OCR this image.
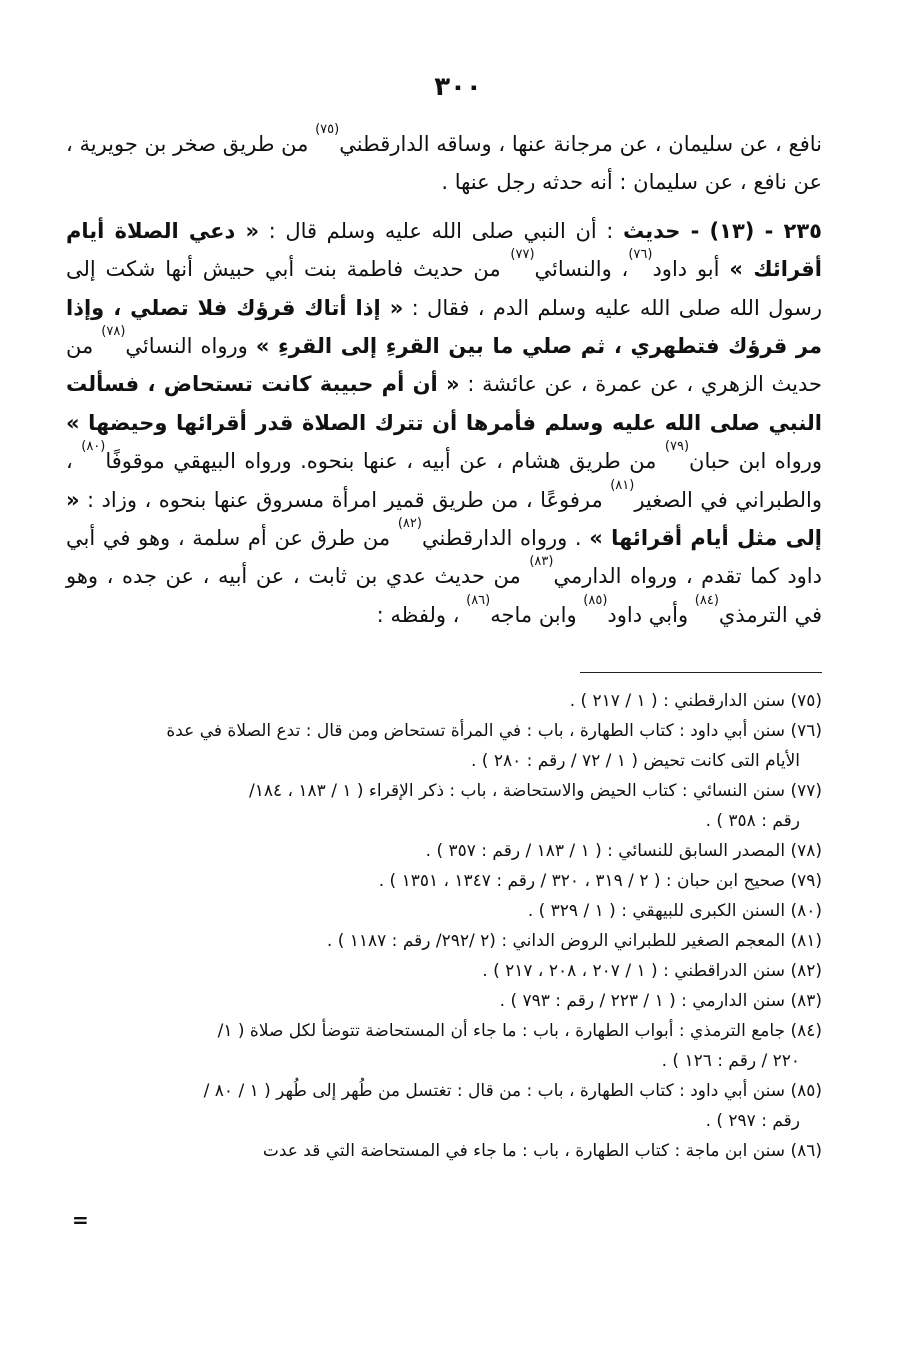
٣٠٠

نافع ، عن سليمان ، عن مرجانة عنها ، وساقه الدارقطني$^{(٧٥)}$ من طريق صخر بن جويرية ، عن نافع ، عن سليمان : أنه حدثه رجل عنها .

٢٣٥ - (١٣) - حديث : أن النبي صلى الله عليه وسلم قال : « دعي الصلاة أيام أقرائك » أبو داود$^{(٧٦)}$، والنسائي$^{(٧٧)}$ من حديث فاطمة بنت أبي حبيش أنها شكت إلى رسول الله صلى الله عليه وسلم الدم ، فقال : « إذا أتاك قرؤك فلا تصلي ، وإذا مر قرؤك فتطهري ، ثم صلي ما بين القرءِ إلى القرءِ » ورواه النسائي$^{(٧٨)}$ من حديث الزهري ، عن عمرة ، عن عائشة : « أن أم حبيبة كانت تستحاض ، فسألت النبي صلى الله عليه وسلم فأمرها أن تترك الصلاة قدر أقرائها وحيضها » ورواه ابن حبان$^{(٧٩)}$ من طريق هشام ، عن أبيه ، عنها بنحوه. ورواه البيهقي موقوفًا$^{(٨٠)}$ ، والطبراني في الصغير$^{(٨١)}$ مرفوعًا ، من طريق قمير امرأة مسروق عنها بنحوه ، وزاد : « إلى مثل أيام أقرائها » . ورواه الدارقطني$^{(٨٢)}$ من طرق عن أم سلمة ، وهو في أبي داود كما تقدم ، ورواه الدارمي$^{(٨٣)}$ من حديث عدي بن ثابت ، عن أبيه ، عن جده ، وهو في الترمذي$^{(٨٤)}$ وأبي داود$^{(٨٥)}$ وابن ماجه$^{(٨٦)}$ ، ولفظه :

(٧٥) سنن الدارقطني : ( ١ / ٢١٧ ) .
(٧٦) سنن أبي داود : كتاب الطهارة ، باب : في المرأة تستحاض ومن قال : تدع الصلاة في عدة
الأيام التى كانت تحيض ( ١ / ٧٢ / رقم : ٢٨٠ ) .
(٧٧) سنن النسائي : كتاب الحيض والاستحاضة ، باب : ذكر الإقراء ( ١ / ١٨٣ ، ١٨٤/
رقم : ٣٥٨ ) .
(٧٨) المصدر السابق للنسائي : ( ١ / ١٨٣ / رقم : ٣٥٧ ) .
(٧٩) صحيح ابن حبان : ( ٢ / ٣١٩ ، ٣٢٠ / رقم : ١٣٤٧ ، ١٣٥١ ) .
(٨٠) السنن الكبرى للبيهقي : ( ١ / ٣٢٩ ) .
(٨١) المعجم الصغير للطبراني الروض الداني : (٢ /٢٩٢/ رقم : ١١٨٧ ) .
(٨٢) سنن الدراقطني : ( ١ / ٢٠٧ ، ٢٠٨ ، ٢١٧ ) .
(٨٣) سنن الدارمي : ( ١ / ٢٢٣ / رقم : ٧٩٣ ) .
(٨٤) جامع الترمذي : أبواب الطهارة ، باب : ما جاء أن المستحاضة تتوضأ لكل صلاة ( ١/
٢٢٠ / رقم : ١٢٦ ) .
(٨٥) سنن أبي داود : كتاب الطهارة ، باب : من قال : تغتسل من طُهر إلى طُهر ( ١ / ٨٠ /
رقم : ٢٩٧ ) .
(٨٦) سنن ابن ماجة : كتاب الطهارة ، باب : ما جاء في المستحاضة التي قد عدت
=
